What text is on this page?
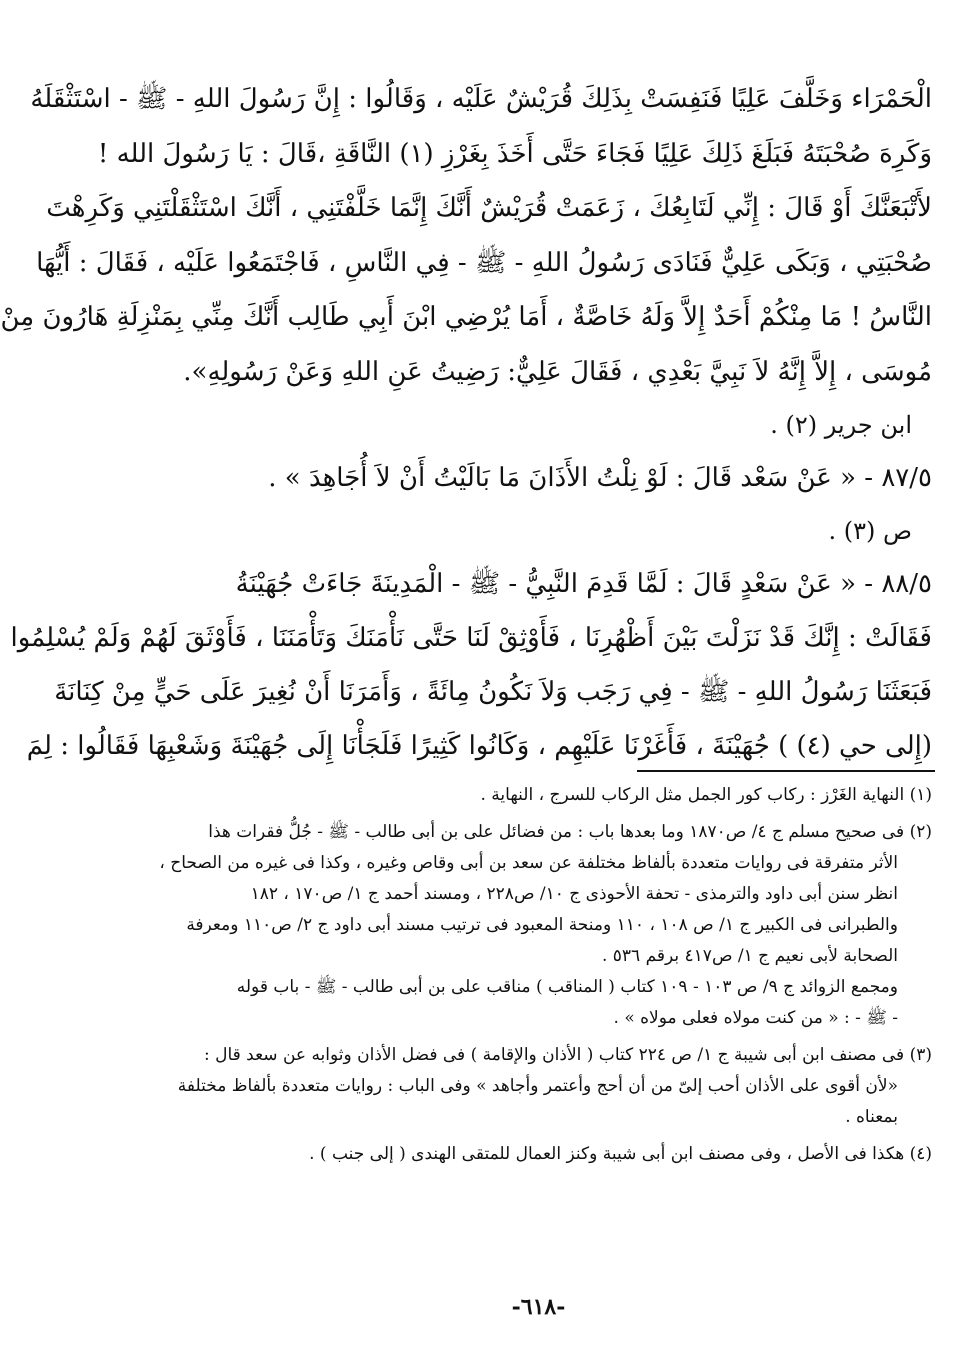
الْحَمْرَاء وَخَلَّفَ عَلِيًا فَنَفِسَتْ بِذَلِكَ قُرَيْشٌ عَلَيْه ، وَقَالُوا : إِنَّ رَسُولَ اللهِ - ﷺ - اسْتَثْقَلَهُ
وَكَرِهَ صُحْبَتَهُ فَبَلَغَ ذَلِكَ عَلِيًا فَجَاءَ حَتَّى أَخَذَ بِغَرْزِ (١) النَّاقَةِ ،قَالَ : يَا رَسُولَ الله !
لأَتْبَعَنَّكَ أَوْ قَالَ : إِنِّي لَتَابِعُكَ ، زَعَمَتْ قُرَيْشٌ أَنَّكَ إِنَّمَا خَلَّفْتَنِي ، أَنَّكَ اسْتَثْقَلْتَنِي وَكَرِهْتَ
صُحْبَتِي ، وَبَكَى عَلِيٌّ فَنَادَى رَسُولُ اللهِ - ﷺ - فِي النَّاسِ ، فَاجْتَمَعُوا عَلَيْه ، فَقَالَ : أَيُّهَا
النَّاسُ ! مَا مِنْكُمْ أَحَدٌ إِلاَّ وَلَهُ خَاصَّةٌ ، أَمَا يُرْضِي ابْنَ أَبِي طَالِب أَنَّكَ مِنِّي بِمَنْزِلَةِ هَارُونَ مِنْ
مُوسَى ، إِلاَّ إِنَّهُ لاَ نَبِيَّ بَعْدِي ، فَقَالَ عَلِيٌّ: رَضِيتُ عَنِ اللهِ وَعَنْ رَسُولِهِ».
ابن جرير (٢) .
٨٧/٥ - « عَنْ سَعْد قَالَ : لَوْ نِلْتُ الأَذَانَ مَا بَالَيْتُ أَنْ لاَ أُجَاهِدَ » .
ص (٣) .
٨٨/٥ - « عَنْ سَعْدٍ قَالَ : لَمَّا قَدِمَ النَّبِيُّ - ﷺ - الْمَدِينَةَ جَاءَتْ جُهَيْنَةُ
فَقَالَتْ : إِنَّكَ قَدْ نَزَلْتَ بَيْنَ أَظْهُرِنَا ، فَأَوْثِقْ لَنَا حَتَّى نَأْمَنَكَ وَتَأْمَنَنَا ، فَأَوْثَقَ لَهُمْ وَلَمْ يُسْلِمُوا
فَبَعَثَنَا رَسُولُ اللهِ - ﷺ - فِي رَجَب وَلاَ نَكُونُ مِائَةً ، وَأَمَرَنَا أَنْ نُغِيرَ عَلَى حَيٍّ مِنْ كِنَانَةَ
(إِلى حي (٤) ) جُهَيْنَةَ ، فَأَغَرْنَا عَلَيْهِم ، وَكَانُوا كَثِيرًا فَلَجَأْنَا إِلَى جُهَيْنَةَ وَشَعْبِهَا فَقَالُوا : لِمَ
(١) النهاية الغَرْز : ركاب كور الجمل مثل الركاب للسرج ، النهاية .
(٢) فى صحيح مسلم ج ٤/ ص١٨٧٠ وما بعدها باب : من فضائل على بن أبى طالب - ﷺ - جُلُّ فقرات هذا
الأثر متفرقة فى روايات متعددة بألفاظ مختلفة عن سعد بن أبى وقاص وغيره ، وكذا فى غيره من الصحاح ،
انظر سنن أبى داود والترمذى - تحفة الأحوذى ج ١٠/ ص٢٢٨ ، ومسند أحمد ج ١/ ص١٧٠ ، ١٨٢
والطبرانى فى الكبير ج ١/ ص ١٠٨ ، ١١٠ ومنحة المعبود فى ترتيب مسند أبى داود ج ٢/ ص١١٠ ومعرفة
الصحابة لأبى نعيم ج ١/ ص٤١٧ برقم ٥٣٦ .
ومجمع الزوائد ج ٩/ ص ١٠٣ - ١٠٩ كتاب ( المناقب ) مناقب على بن أبى طالب - ﷺ - باب قوله
- ﷺ - : « من كنت مولاه فعلى مولاه » .
(٣) فى مصنف ابن أبى شيبة ج ١/ ص ٢٢٤ كتاب ( الأذان والإقامة ) فى فضل الأذان وثوابه عن سعد قال :
«لأن أقوى على الأذان أحب إلىّ من أن أحج وأعتمر وأجاهد » وفى الباب : روايات متعددة بألفاظ مختلفة
بمعناه .
(٤) هكذا فى الأصل ، وفى مصنف ابن أبى شيبة وكنز العمال للمتقى الهندى ( إلى جنب ) .
-٦١٨-
